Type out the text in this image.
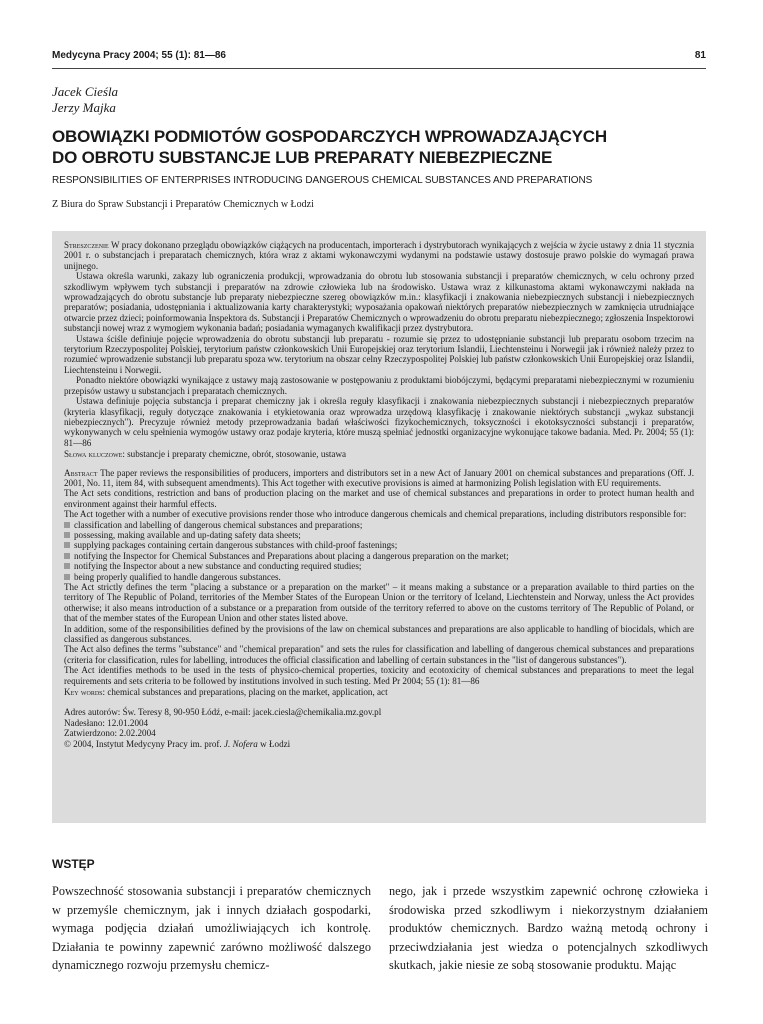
Medycyna Pracy 2004; 55 (1): 81—86	81
Jacek Cieśla
Jerzy Majka
OBOWIĄZKI PODMIOTÓW GOSPODARCZYCH WPROWADZAJĄCYCH
DO OBROTU SUBSTANCJE LUB PREPARATY NIEBEZPIECZNE
RESPONSIBILITIES OF ENTERPRISES INTRODUCING DANGEROUS CHEMICAL SUBSTANCES AND PREPARATIONS
Z Biura do Spraw Substancji i Preparatów Chemicznych w Łodzi

Streszczenie W pracy dokonano przeglądu obowiązków ciążących na producentach, importerach i dystrybutorach wynikających z wejścia w życie ustawy z dnia 11 stycznia 2001 r. o substancjach i preparatach chemicznych, która wraz z aktami wykonawczymi wydanymi na podstawie ustawy dostosuje prawo polskie do wymagań prawa unijnego.

Ustawa określa warunki, zakazy lub ograniczenia produkcji, wprowadzania do obrotu lub stosowania substancji i preparatów chemicznych, w celu ochrony przed szkodliwym wpływem tych substancji i preparatów na zdrowie człowieka lub na środowisko. Ustawa wraz z kilkunastoma aktami wykonawczymi nakłada na wprowadzających do obrotu substancje lub preparaty niebezpieczne szereg obowiązków m.in.: klasyfikacji i znakowania niebezpiecznych substancji i niebezpiecznych preparatów; posiadania, udostępniania i aktualizowania karty charakterystyki; wyposażania opakowań niektórych preparatów niebezpiecznych w zamknięcia utrudniające otwarcie przez dzieci; poinformowania Inspektora ds. Substancji i Preparatów Chemicznych o wprowadzeniu do obrotu preparatu niebezpiecznego; zgłoszenia Inspektorowi substancji nowej wraz z wymogiem wykonania badań; posiadania wymaganych kwalifikacji przez dystrybutora.

Ustawa ściśle definiuje pojęcie wprowadzenia do obrotu substancji lub preparatu - rozumie się przez to udostępnianie substancji lub preparatu osobom trzecim na terytorium Rzeczypospolitej Polskiej, terytorium państw członkowskich Unii Europejskiej oraz terytorium Islandii, Liechtensteinu i Norwegii jak i również należy przez to rozumieć wprowadzenie substancji lub preparatu spoza ww. terytorium na obszar celny Rzeczypospolitej Polskiej lub państw członkowskich Unii Europejskiej oraz Islandii, Liechtensteinu i Norwegii.

Ponadto niektóre obowiązki wynikające z ustawy mają zastosowanie w postępowaniu z produktami biobójczymi, będącymi preparatami niebezpiecznymi w rozumieniu przepisów ustawy u substancjach i preparatach chemicznych.

Ustawa definiuje pojęcia substancja i preparat chemiczny jak i określa reguły klasyfikacji i znakowania niebezpiecznych substancji i niebezpiecznych preparatów (kryteria klasyfikacji, reguły dotyczące znakowania i etykietowania oraz wprowadza urzędową klasyfikację i znakowanie niektórych substancji „wykaz substancji niebezpiecznych"). Precyzuje również metody przeprowadzania badań właściwości fizykochemicznych, toksyczności i ekotoksyczności substancji i preparatów, wykonywanych w celu spełnienia wymogów ustawy oraz podaje kryteria, które muszą spełniać jednostki organizacyjne wykonujące takowe badania. Med. Pr. 2004; 55 (1): 81—86

Słowa kluczowe: substancje i preparaty chemiczne, obrót, stosowanie, ustawa

Abstract The paper reviews the responsibilities of producers, importers and distributors set in a new Act of January 2001 on chemical substances and preparations (Off. J. 2001, No. 11, item 84, with subsequent amendments). This Act together with executive provisions is aimed at harmonizing Polish legislation with EU requirements.

The Act sets conditions, restriction and bans of production placing on the market and use of chemical substances and preparations in order to protect human health and environment against their harmful effects.

The Act together with a number of executive provisions render those who introduce dangerous chemicals and chemical preparations, including distributors responsible for:

classification and labelling of dangerous chemical substances and preparations;

possessing, making available and up-dating safety data sheets;

supplying packages containing certain dangerous substances with child-proof fastenings;

notifying the Inspector for Chemical Substances and Preparations about placing a dangerous preparation on the market;

notifying the Inspector about a new substance and conducting required studies;

being properly qualified to handle dangerous substances.

The Act strictly defines the term "placing a substance or a preparation on the market" – it means making a substance or a preparation available to third parties on the territory of The Republic of Poland, territories of the Member States of the European Union or the territory of Iceland, Liechtenstein and Norway, unless the Act provides otherwise; it also means introduction of a substance or a preparation from outside of the territory referred to above on the customs territory of The Republic of Poland, or that of the member states of the European Union and other states listed above.

In addition, some of the responsibilities defined by the provisions of the law on chemical substances and preparations are also applicable to handling of biocidals, which are classified as dangerous substances.

The Act also defines the terms "substance" and "chemical preparation" and sets the rules for classification and labelling of dangerous chemical substances and preparations (criteria for classification, rules for labelling, introduces the official classification and labelling of certain substances in the "list of dangerous substances").

The Act identifies methods to be used in the tests of physico-chemical properties, toxicity and ecotoxicity of chemical substances and preparations to meet the legal requirements and sets criteria to be followed by institutions involved in such testing. Med Pr 2004; 55 (1): 81—86

Key words: chemical substances and preparations, placing on the market, application, act

Adres autorów: Św. Teresy 8, 90-950 Łódź, e-mail: jacek.ciesla@chemikalia.mz.gov.pl

Nadesłano: 12.01.2004

Zatwierdzono: 2.02.2004

© 2004, Instytut Medycyny Pracy im. prof. J. Nofera w Łodzi

WSTĘP
Powszechność stosowania substancji i preparatów chemicznych w przemyśle chemicznym, jak i innych działach gospodarki, wymaga podjęcia działań umożliwiających ich kontrolę. Działania te powinny zapewnić zarówno możliwość dalszego dynamicznego rozwoju przemysłu chemicz-
nego, jak i przede wszystkim zapewnić ochronę człowieka i środowiska przed szkodliwym i niekorzystnym działaniem produktów chemicznych. Bardzo ważną metodą ochrony i przeciwdziałania jest wiedza o potencjalnych szkodliwych skutkach, jakie niesie ze sobą stosowanie produktu. Mając
